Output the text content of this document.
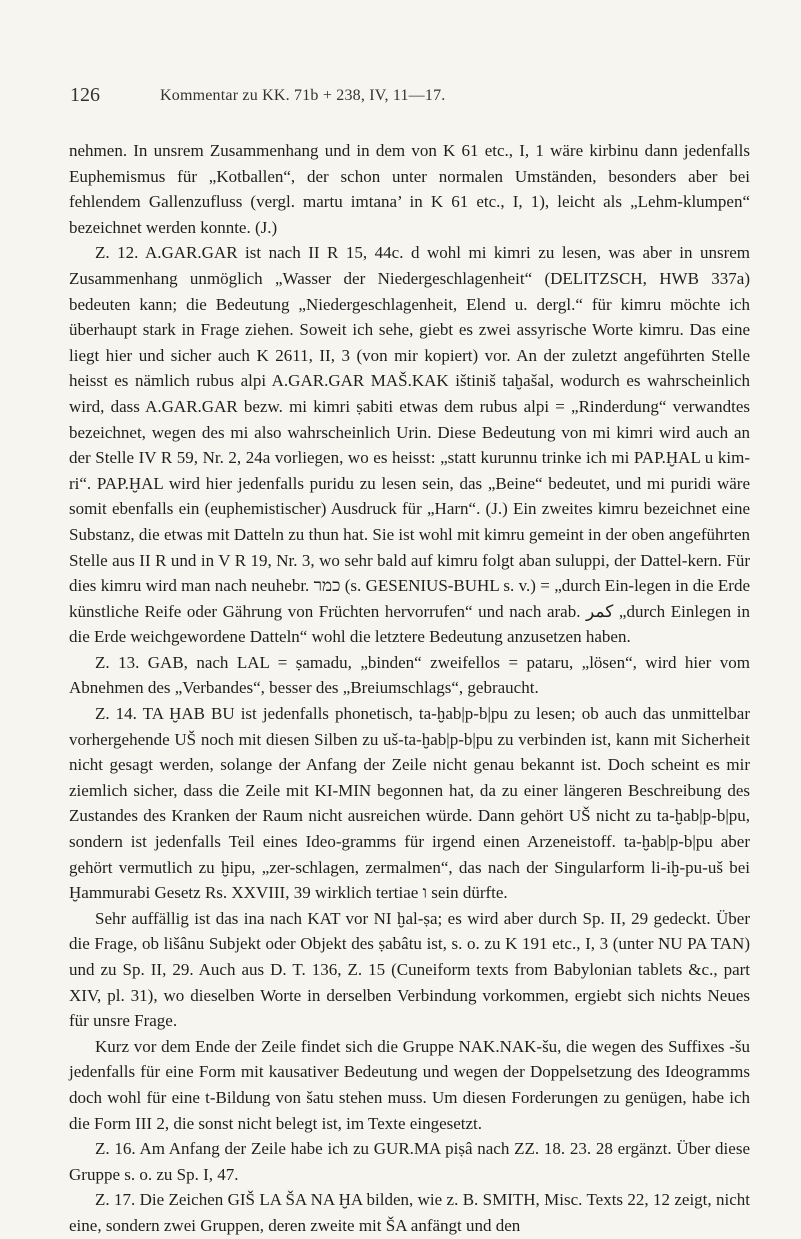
126	Kommentar zu KK. 71b + 238, IV, 11—17.

nehmen. In unsrem Zusammenhang und in dem von K 61 etc., I, 1 wäre kirbinu dann jedenfalls Euphemismus für „Kotballen“, der schon unter normalen Umständen, besonders aber bei fehlendem Gallenzufluss (vergl. martu imtana’ in K 61 etc., I, 1), leicht als „Lehm-klumpen“ bezeichnet werden konnte. (J.)

Z. 12. A.GAR.GAR ist nach II R 15, 44c. d wohl mi kimri zu lesen, was aber in unsrem Zusammenhang unmöglich „Wasser der Niedergeschlagenheit“ (DELITZSCH, HWB 337a) bedeuten kann; die Bedeutung „Niedergeschlagenheit, Elend u. dergl.“ für kimru möchte ich überhaupt stark in Frage ziehen. Soweit ich sehe, giebt es zwei assyrische Worte kimru. Das eine liegt hier und sicher auch K 2611, II, 3 (von mir kopiert) vor. An der zuletzt angeführten Stelle heisst es nämlich rubus alpi A.GAR.GAR MAŠ.KAK ištiniš taḫašal, wodurch es wahrscheinlich wird, dass A.GAR.GAR bezw. mi kimri ṣabiti etwas dem rubus alpi = „Rinderdung“ verwandtes bezeichnet, wegen des mi also wahrscheinlich Urin. Diese Bedeutung von mi kimri wird auch an der Stelle IV R 59, Nr. 2, 24a vorliegen, wo es heisst: „statt kurunnu trinke ich mi PAP.ḪAL u kim-ri“. PAP.ḪAL wird hier jedenfalls puridu zu lesen sein, das „Beine“ bedeutet, und mi puridi wäre somit ebenfalls ein (euphemistischer) Ausdruck für „Harn“. (J.) Ein zweites kimru bezeichnet eine Substanz, die etwas mit Datteln zu thun hat. Sie ist wohl mit kimru gemeint in der oben angeführten Stelle aus II R und in V R 19, Nr. 3, wo sehr bald auf kimru folgt aban suluppi, der Dattel-kern. Für dies kimru wird man nach neuhebr. כמר (s. GESENIUS-BUHL s. v.) = „durch Ein-legen in die Erde künstliche Reife oder Gährung von Früchten hervorrufen“ und nach arab. كمر „durch Einlegen in die Erde weichgewordene Datteln“ wohl die letztere Bedeutung anzusetzen haben.

Z. 13. GAB, nach LAL = ṣamadu, „binden“ zweifellos = pataru, „lösen“, wird hier vom Abnehmen des „Verbandes“, besser des „Breiumschlags“, gebraucht.

Z. 14. TA ḪAB BU ist jedenfalls phonetisch, ta-ḫab|p-b|pu zu lesen; ob auch das unmittelbar vorhergehende UŠ noch mit diesen Silben zu uš-ta-ḫab|p-b|pu zu verbinden ist, kann mit Sicherheit nicht gesagt werden, solange der Anfang der Zeile nicht genau bekannt ist. Doch scheint es mir ziemlich sicher, dass die Zeile mit KI-MIN begonnen hat, da zu einer längeren Beschreibung des Zustandes des Kranken der Raum nicht ausreichen würde. Dann gehört UŠ nicht zu ta-ḫab|p-b|pu, sondern ist jedenfalls Teil eines Ideo-gramms für irgend einen Arzeneistoff. ta-ḫab|p-b|pu aber gehört vermutlich zu ḫipu, „zer-schlagen, zermalmen“, das nach der Singularform li-iḫ-pu-uš bei Ḫammurabi Gesetz Rs. XXVIII, 39 wirklich tertiae ו sein dürfte.

Sehr auffällig ist das ina nach KAT vor NI ḫal-ṣa; es wird aber durch Sp. II, 29 gedeckt. Über die Frage, ob lišânu Subjekt oder Objekt des ṣabâtu ist, s. o. zu K 191 etc., I, 3 (unter NU PA TAN) und zu Sp. II, 29. Auch aus D. T. 136, Z. 15 (Cuneiform texts from Babylonian tablets &c., part XIV, pl. 31), wo dieselben Worte in derselben Verbindung vorkommen, ergiebt sich nichts Neues für unsre Frage.

Kurz vor dem Ende der Zeile findet sich die Gruppe NAK.NAK-šu, die wegen des Suffixes -šu jedenfalls für eine Form mit kausativer Bedeutung und wegen der Doppelsetzung des Ideogramms doch wohl für eine t-Bildung von šatu stehen muss. Um diesen Forderungen zu genügen, habe ich die Form III 2, die sonst nicht belegt ist, im Texte eingesetzt.

Z. 16. Am Anfang der Zeile habe ich zu GUR.MA piṣâ nach ZZ. 18. 23. 28 ergänzt. Über diese Gruppe s. o. zu Sp. I, 47.

Z. 17. Die Zeichen GIŠ LA ŠA NA ḪA bilden, wie z. B. SMITH, Misc. Texts 22, 12 zeigt, nicht eine, sondern zwei Gruppen, deren zweite mit ŠA anfängt und den
